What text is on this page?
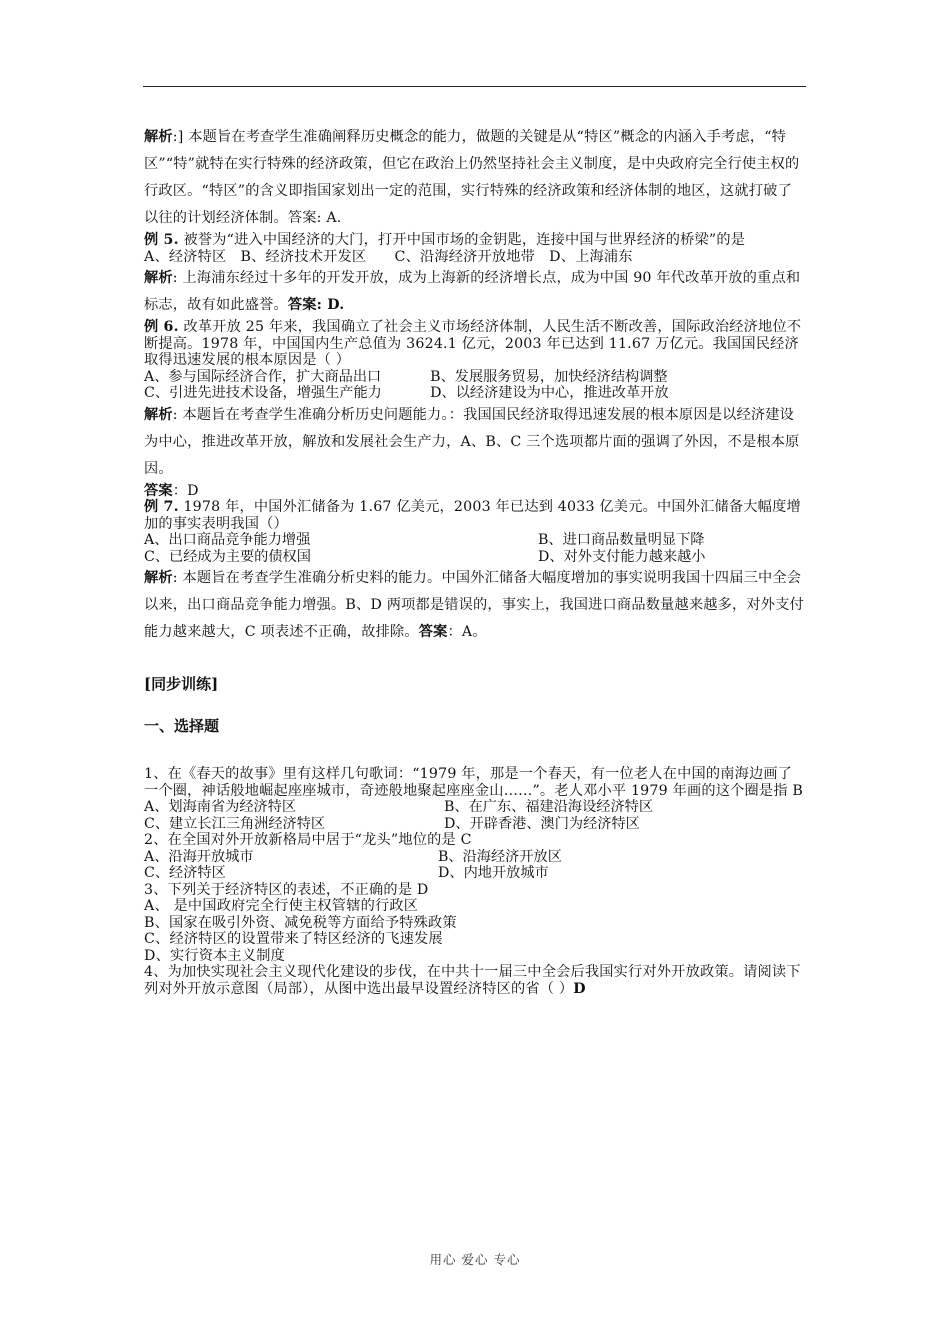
解析:] 本题旨在考查学生准确阐释历史概念的能力，做题的关键是从“特区”概念的内涵入手考虑，“特区”“特”就特在实行特殊的经济政策，但它在政治上仍然坚持社会主义制度，是中央政府完全行使主权的行政区。“特区”的含义即指国家划出一定的范围，实行特殊的经济政策和经济体制的地区，这就打破了以往的计划经济体制。答案: A.

例 5. 被誉为“进入中国经济的大门，打开中国市场的金钥匙，连接中国与世界经济的桥梁”的是

A、经济特区   B、经济技术开发区      C、沿海经济开放地带   D、上海浦东

解析: 上海浦东经过十多年的开发开放，成为上海新的经济增长点，成为中国 90 年代改革开放的重点和标志，故有如此盛誉。答案: D.

例 6. 改革开放 25 年来，我国确立了社会主义市场经济体制，人民生活不断改善，国际政治经济地位不断提高。1978 年，中国国内生产总值为 3624.1 亿元，2003 年已达到 11.67 万亿元。我国国民经济取得迅速发展的根本原因是（ ）

A、参与国际经济合作，扩大商品出口	B、发展服务贸易，加快经济结构调整
C、引进先进技术设备，增强生产能力	D、以经济建设为中心，推进改革开放

解析: 本题旨在考查学生准确分析历史问题能力。：我国国民经济取得迅速发展的根本原因是以经济建设为中心，推进改革开放，解放和发展社会生产力，A、B、C 三个选项都片面的强调了外因，不是根本原因。

答案：D

例 7. 1978 年，中国外汇储备为 1.67 亿美元，2003 年已达到 4033 亿美元。中国外汇储备大幅度增加的事实表明我国（）

A、出口商品竞争能力增强	B、进口商品数量明显下降
C、已经成为主要的债权国	D、对外支付能力越来越小

解析: 本题旨在考查学生准确分析史料的能力。中国外汇储备大幅度增加的事实说明我国十四届三中全会以来，出口商品竞争能力增强。B、D 两项都是错误的，事实上，我国进口商品数量越来越多，对外支付能力越来越大，C 项表述不正确，故排除。答案：A。

[同步训练]

一、选择题

1、在《春天的故事》里有这样几句歌词：“1979 年，那是一个春天，有一位老人在中国的南海边画了一个圈，神话般地崛起座座城市，奇迹般地聚起座座金山……”。老人邓小平 1979 年画的这个圈是指 B

A、划海南省为经济特区	B、在广东、福建沿海设经济特区
C、建立长江三角洲经济特区	D、开辟香港、澳门为经济特区

2、在全国对外开放新格局中居于“龙头”地位的是 C

A、沿海开放城市	B、沿海经济开放区
C、经济特区	D、内地开放城市

3、下列关于经济特区的表述，不正确的是 D

A、 是中国政府完全行使主权管辖的行政区

B、国家在吸引外资、减免税等方面给予特殊政策

C、经济特区的设置带来了特区经济的飞速发展

D、实行资本主义制度

4、为加快实现社会主义现代化建设的步伐，在中共十一届三中全会后我国实行对外开放政策。请阅读下列对外开放示意图（局部），从图中选出最早设置经济特区的省（ ）D

用心 爱心 专心
